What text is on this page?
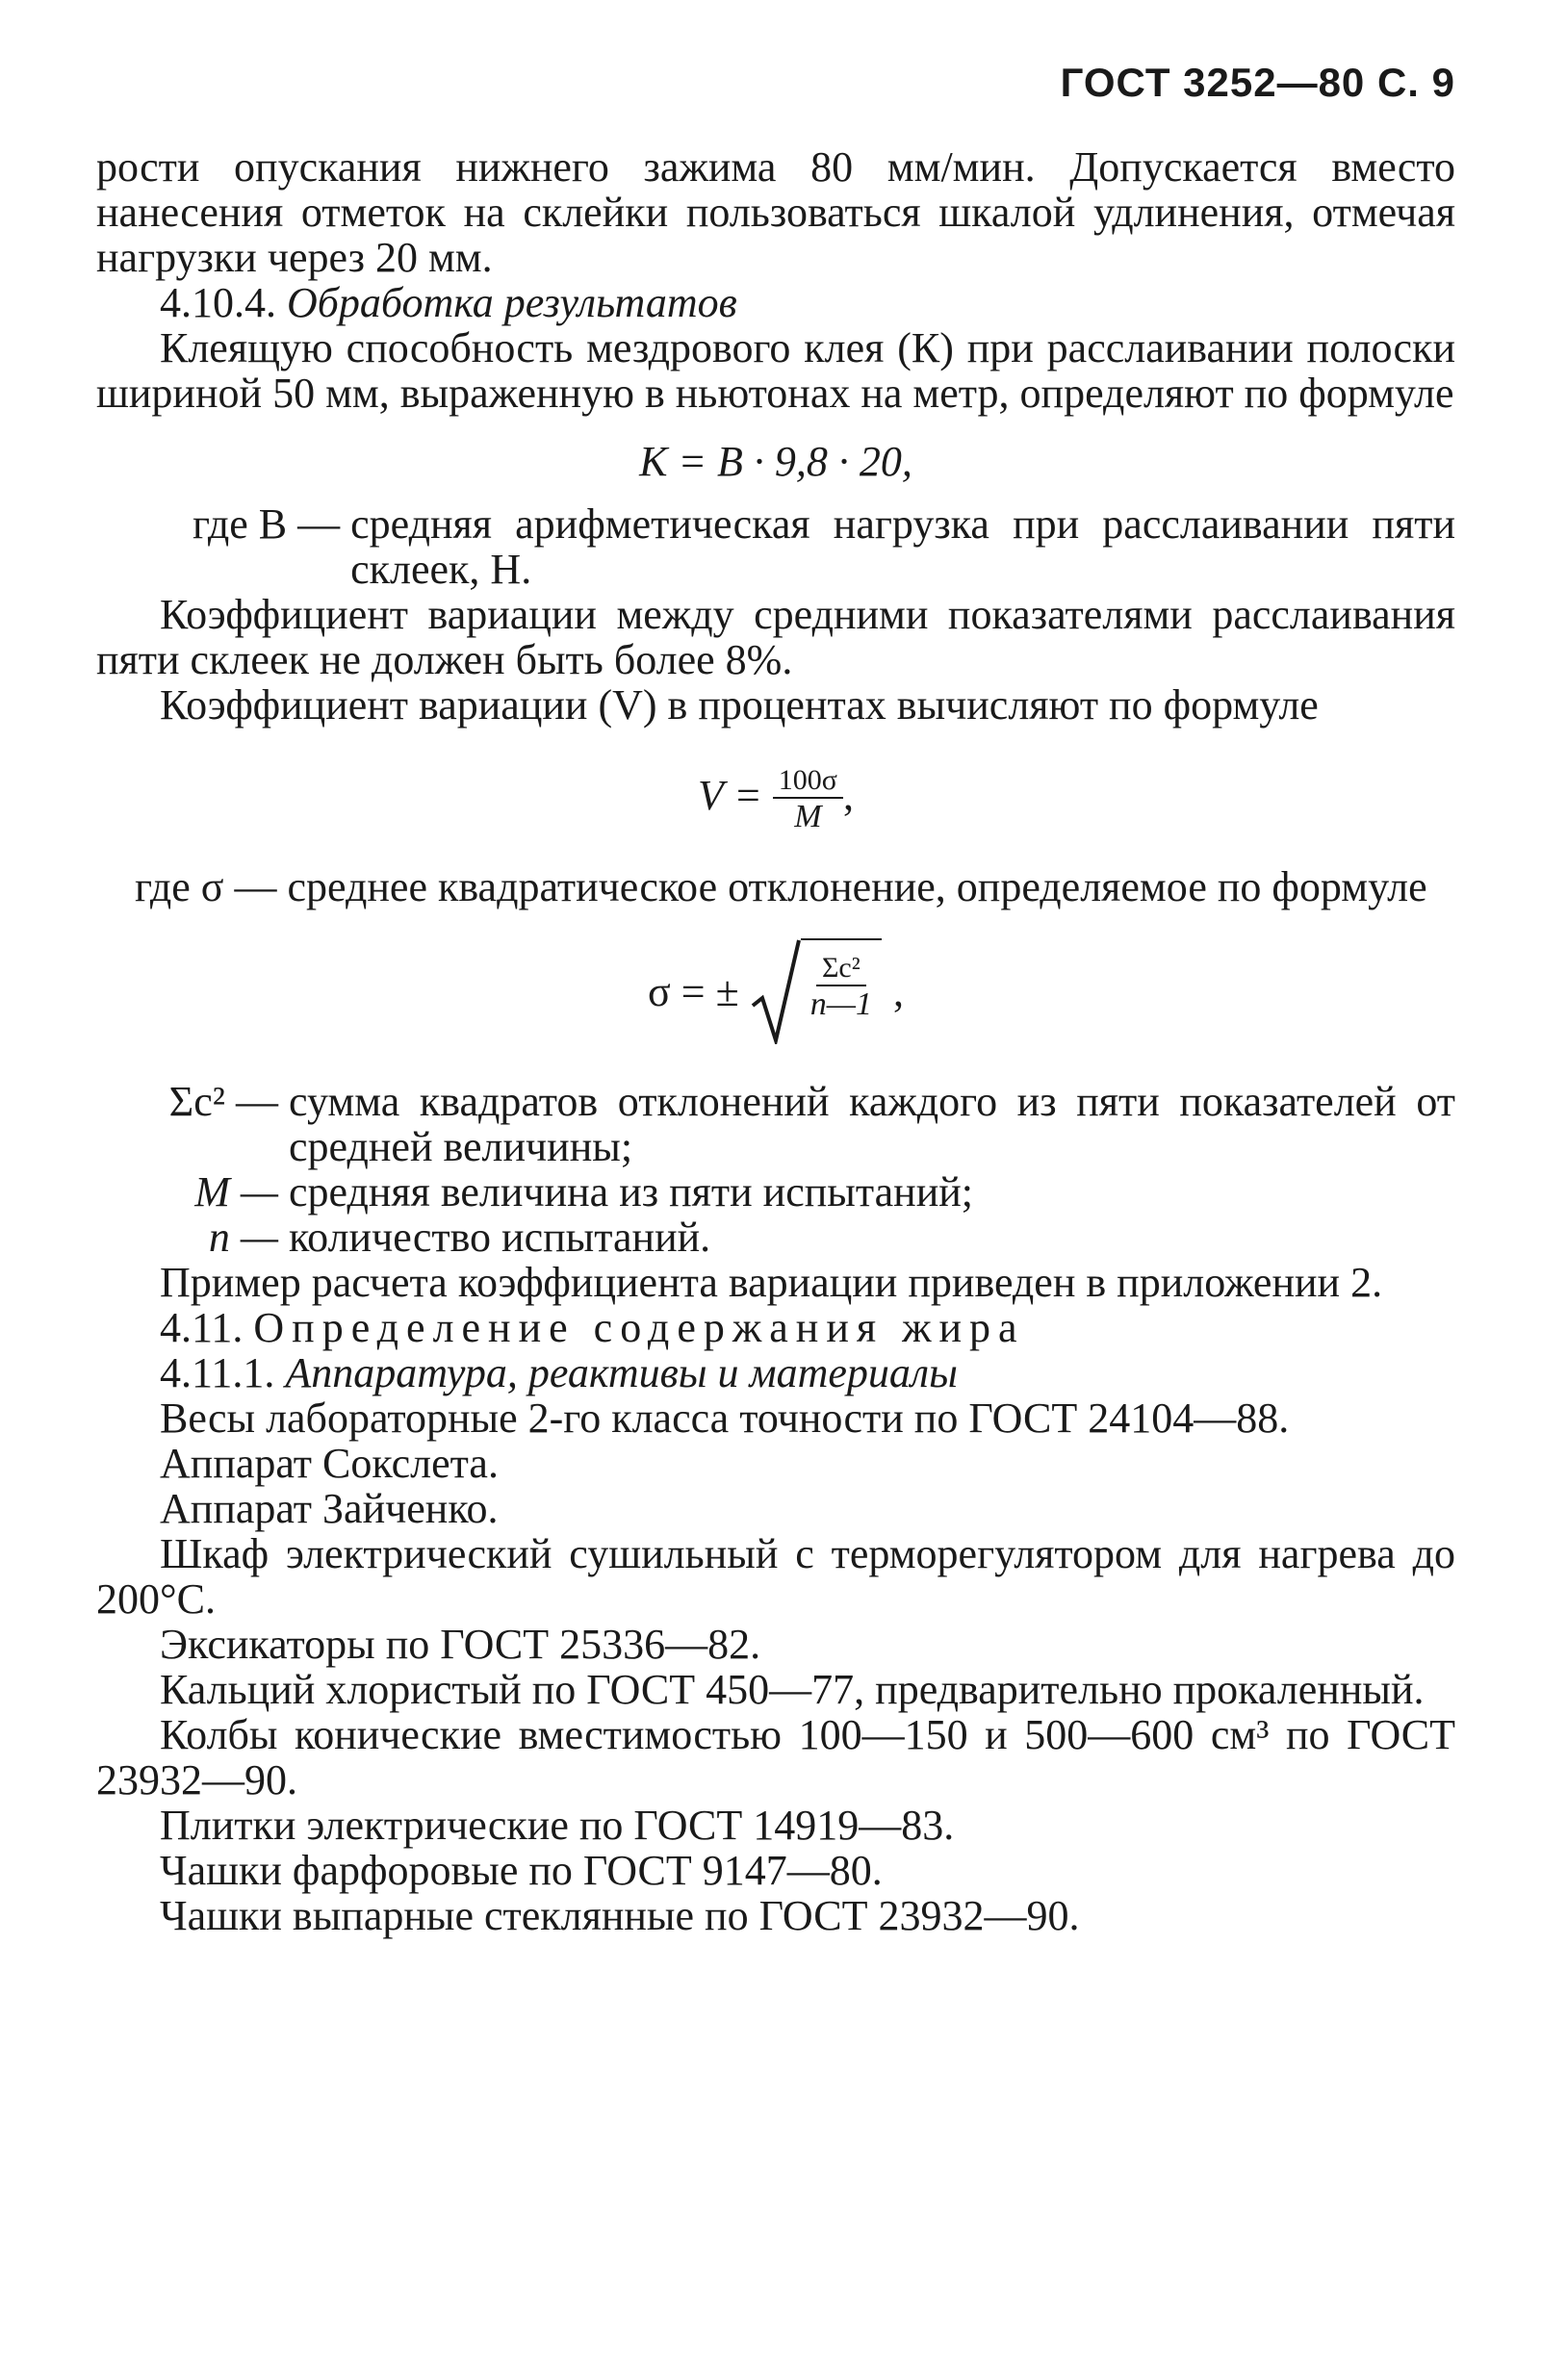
ГОСТ 3252—80 С. 9

рости опускания нижнего зажима 80 мм/мин. Допускается вместо нанесения отметок на склейки пользоваться шкалой удлинения, отмечая нагрузки через 20 мм.

4.10.4. Обработка результатов

Клеящую способность мездрового клея (К) при расслаивании полоски шириной 50 мм, выраженную в ньютонах на метр, определяют по формуле

К = В · 9,8 · 20,

где В — средняя арифметическая нагрузка при расслаивании пяти склеек, Н.

Коэффициент вариации между средними показателями расслаивания пяти склеек не должен быть более 8%.

Коэффициент вариации (V) в процентах вычисляют по формуле

$V = \frac{100\sigma}{M}$ ,
где σ — среднее квадратическое отклонение, определяемое по формуле
σ = ± $\frac{\text{Σс²}}{n—1}$ ,
Σс² — сумма квадратов отклонений каждого из пяти показателей от средней величины;
М — средняя величина из пяти испытаний;
n — количество испытаний.

Пример расчета коэффициента вариации приведен в приложении 2.

4.11. Определение содержания жира

4.11.1. Аппаратура, реактивы и материалы

Весы лабораторные 2-го класса точности по ГОСТ 24104—88.

Аппарат Сокслета.

Аппарат Зайченко.

Шкаф электрический сушильный с терморегулятором для нагрева до 200°С.

Эксикаторы по ГОСТ 25336—82.

Кальций хлористый по ГОСТ 450—77, предварительно прокаленный.

Колбы конические вместимостью 100—150 и 500—600 см³ по ГОСТ 23932—90.

Плитки электрические по ГОСТ 14919—83.

Чашки фарфоровые по ГОСТ 9147—80.

Чашки выпарные стеклянные по ГОСТ 23932—90.
